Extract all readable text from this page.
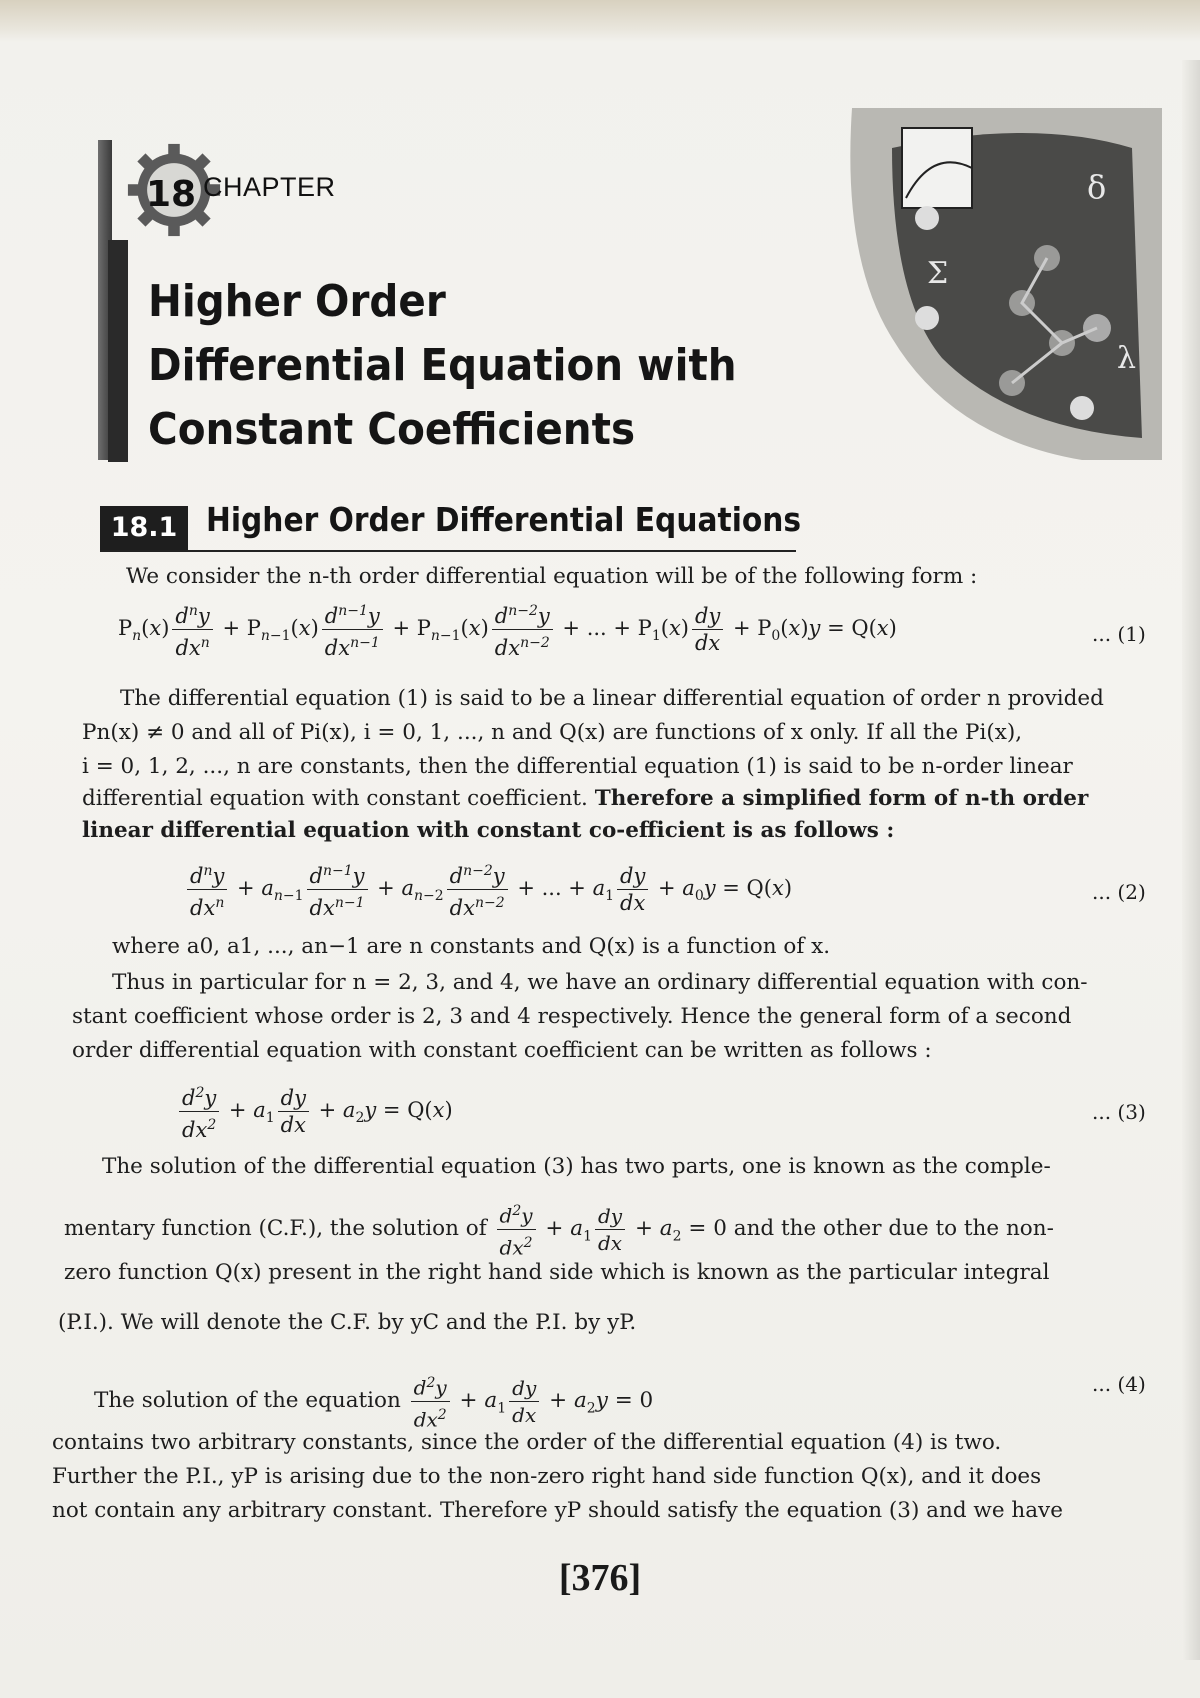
18 CHAPTER
Higher Order
Differential Equation with
Constant Coefficients
Σ
δ
λ
18.1 Higher Order Differential Equations
We consider the n-th order differential equation will be of the following form :
$P_n(x) \frac{d^ny}{dx^n} + P_{n-1}(x) \frac{d^{n-1}y}{dx^{n-1}} + P_{n-1}(x) \frac{d^{n-2}y}{dx^{n-2}}$ + ... + $P_1(x) \frac{dy}{dx} + P_0(x)y = Q(x)$	... (1)
The differential equation (1) is said to be a linear differential equation of order n provided
Pn(x) ≠ 0 and all of Pi(x), i = 0, 1, ..., n and Q(x) are functions of x only. If all the Pi(x),
i = 0, 1, 2, ..., n are constants, then the differential equation (1) is said to be n-order linear
differential equation with constant coefficient. Therefore a simplified form of n-th order
linear differential equation with constant co-efficient is as follows :
$\frac{d^ny}{dx^n} + a_{n-1} \frac{d^{n-1}y}{dx^{n-1}} + a_{n-2} \frac{d^{n-2}y}{dx^{n-2}}$ + ... + $a_1 \frac{dy}{dx} + a_0y = Q(x)$	... (2)
where a0, a1, ..., an−1 are n constants and Q(x) is a function of x.
Thus in particular for n = 2, 3, and 4, we have an ordinary differential equation with con-
stant coefficient whose order is 2, 3 and 4 respectively. Hence the general form of a second
order differential equation with constant coefficient can be written as follows :
$\frac{d^2y}{dx^2} + a_1 \frac{dy}{dx} + a_2y = Q(x)$	... (3)
The solution of the differential equation (3) has two parts, one is known as the comple-
mentary function (C.F.), the solution of $\frac{d^2y}{dx^2} + a_1 \frac{dy}{dx} + a_2 = 0$ and the other due to the non-
zero function Q(x) present in the right hand side which is known as the particular integral
(P.I.). We will denote the C.F. by yC and the P.I. by yP.
The solution of the equation $\frac{d^2y}{dx^2} + a_1 \frac{dy}{dx} + a_2y = 0$
... (4)
contains two arbitrary constants, since the order of the differential equation (4) is two.
Further the P.I., yP is arising due to the non-zero right hand side function Q(x), and it does
not contain any arbitrary constant. Therefore yP should satisfy the equation (3) and we have
[376]
